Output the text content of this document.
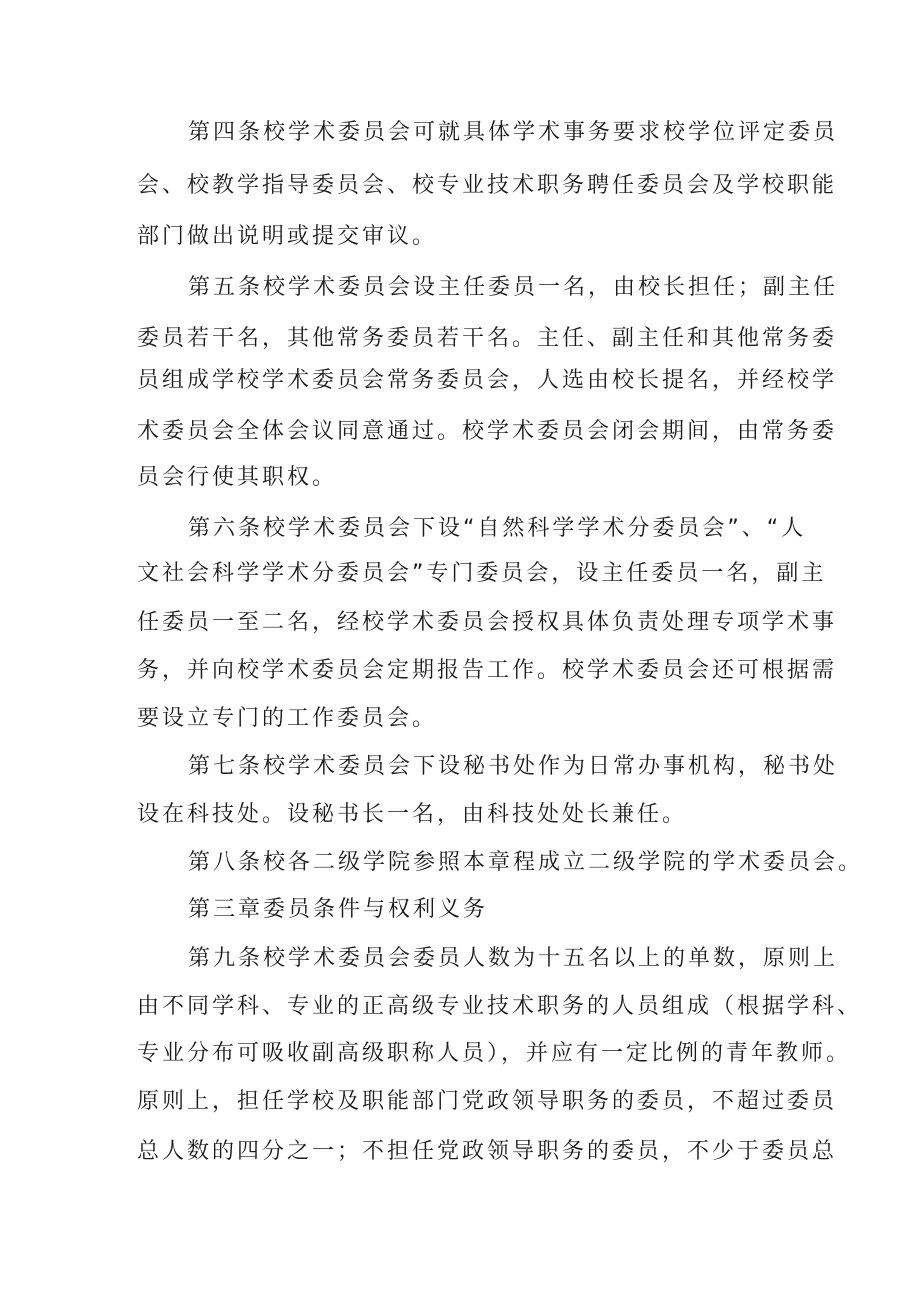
第四条校学术委员会可就具体学术事务要求校学位评定委员
会、校教学指导委员会、校专业技术职务聘任委员会及学校职能
部门做出说明或提交审议。
第五条校学术委员会设主任委员一名，由校长担任；副主任
委员若干名，其他常务委员若干名。主任、副主任和其他常务委
员组成学校学术委员会常务委员会，人选由校长提名，并经校学
术委员会全体会议同意通过。校学术委员会闭会期间，由常务委
员会行使其职权。
第六条校学术委员会下设“自然科学学术分委员会”、“人
文社会科学学术分委员会”专门委员会，设主任委员一名，副主
任委员一至二名，经校学术委员会授权具体负责处理专项学术事
务，并向校学术委员会定期报告工作。校学术委员会还可根据需
要设立专门的工作委员会。
第七条校学术委员会下设秘书处作为日常办事机构，秘书处
设在科技处。设秘书长一名，由科技处处长兼任。
第八条校各二级学院参照本章程成立二级学院的学术委员会。
第三章委员条件与权利义务
第九条校学术委员会委员人数为十五名以上的单数，原则上
由不同学科、专业的正高级专业技术职务的人员组成（根据学科、
专业分布可吸收副高级职称人员），并应有一定比例的青年教师。
原则上，担任学校及职能部门党政领导职务的委员，不超过委员
总人数的四分之一；不担任党政领导职务的委员，不少于委员总
